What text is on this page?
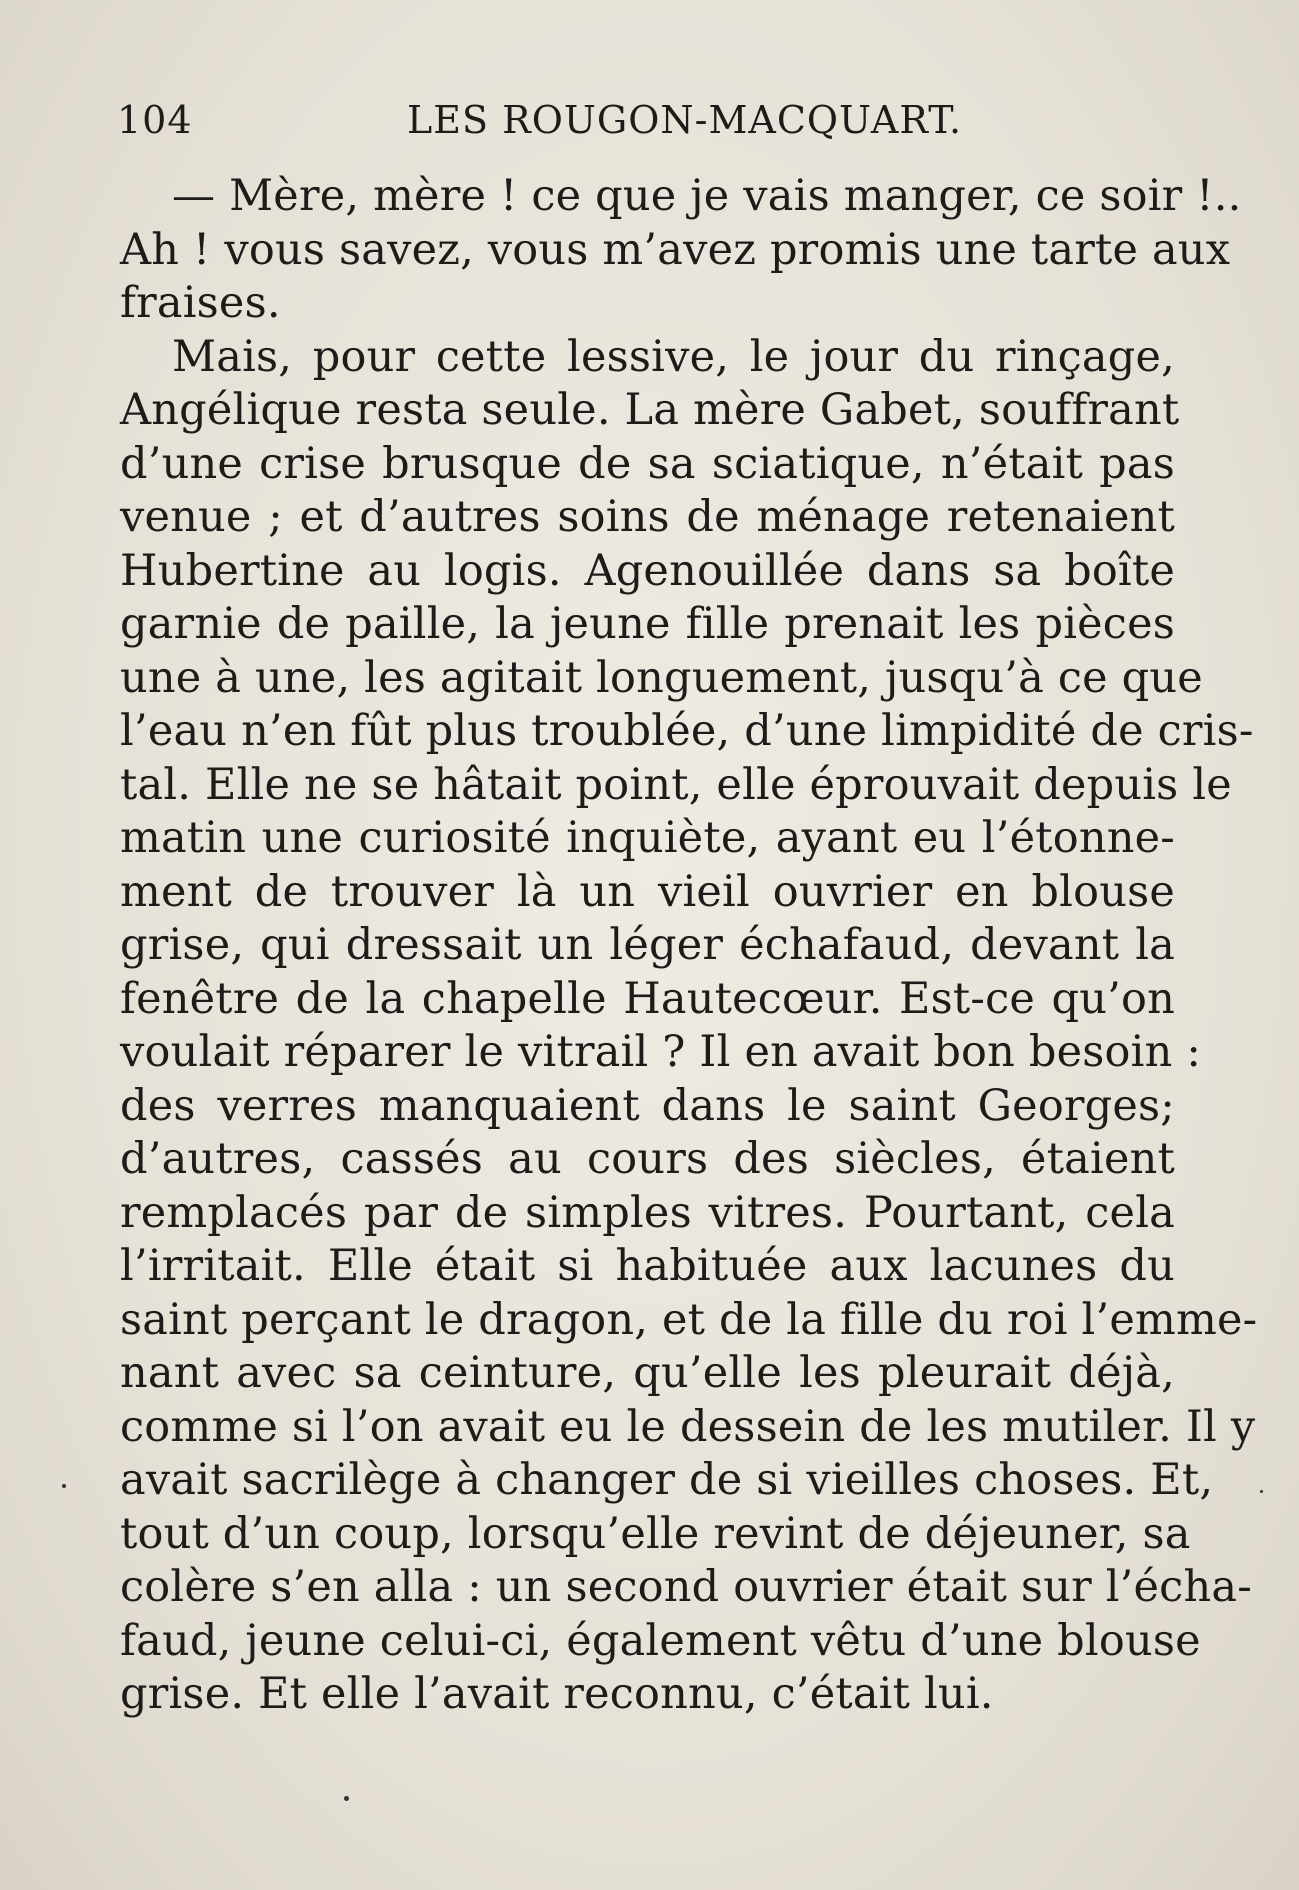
104	LES ROUGON-MACQUART.
— Mère, mère ! ce que je vais manger, ce soir !..
Ah ! vous savez, vous m’avez promis une tarte aux
fraises.
Mais, pour cette lessive, le jour du rinçage,
Angélique resta seule. La mère Gabet, souffrant
d’une crise brusque de sa sciatique, n’était pas
venue ; et d’autres soins de ménage retenaient
Hubertine au logis. Agenouillée dans sa boîte
garnie de paille, la jeune fille prenait les pièces
une à une, les agitait longuement, jusqu’à ce que
l’eau n’en fût plus troublée, d’une limpidité de cris-
tal. Elle ne se hâtait point, elle éprouvait depuis le
matin une curiosité inquiète, ayant eu l’étonne-
ment de trouver là un vieil ouvrier en blouse
grise, qui dressait un léger échafaud, devant la
fenêtre de la chapelle Hautecœur. Est-ce qu’on
voulait réparer le vitrail ? Il en avait bon besoin :
des verres manquaient dans le saint Georges;
d’autres, cassés au cours des siècles, étaient
remplacés par de simples vitres. Pourtant, cela
l’irritait. Elle était si habituée aux lacunes du
saint perçant le dragon, et de la fille du roi l’emme-
nant avec sa ceinture, qu’elle les pleurait déjà,
comme si l’on avait eu le dessein de les mutiler. Il y
avait sacrilège à changer de si vieilles choses. Et,
tout d’un coup, lorsqu’elle revint de déjeuner, sa
colère s’en alla : un second ouvrier était sur l’écha-
faud, jeune celui-ci, également vêtu d’une blouse
grise. Et elle l’avait reconnu, c’était lui.
